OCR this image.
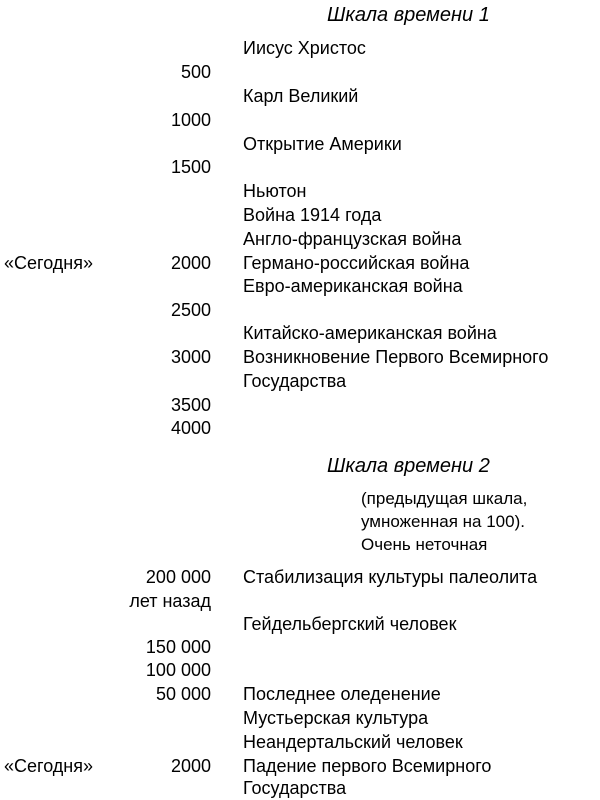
Шкала времени 1
Иисус Христос
500
Карл Великий
1000
Открытие Америки
1500
Ньютон
Война 1914 года
Англо-французская война
«Сегодня»	2000 Германо-российская война
Евро-американская война
2500
Китайско-американская война
3000 Возникновение Первого Всемирного
Государства
3500
4000
Шкала времени 2
(предыдущая шкала,
умноженная на 100).
Очень неточная
200 000 Стабилизация культуры палеолита
лет назад
Гейдельбергский человек
150 000
100 000
50 000 Последнее оледенение
Мустьерская культура
Неандертальский человек
«Сегодня»	2000 Падение первого Всемирного
Государства
